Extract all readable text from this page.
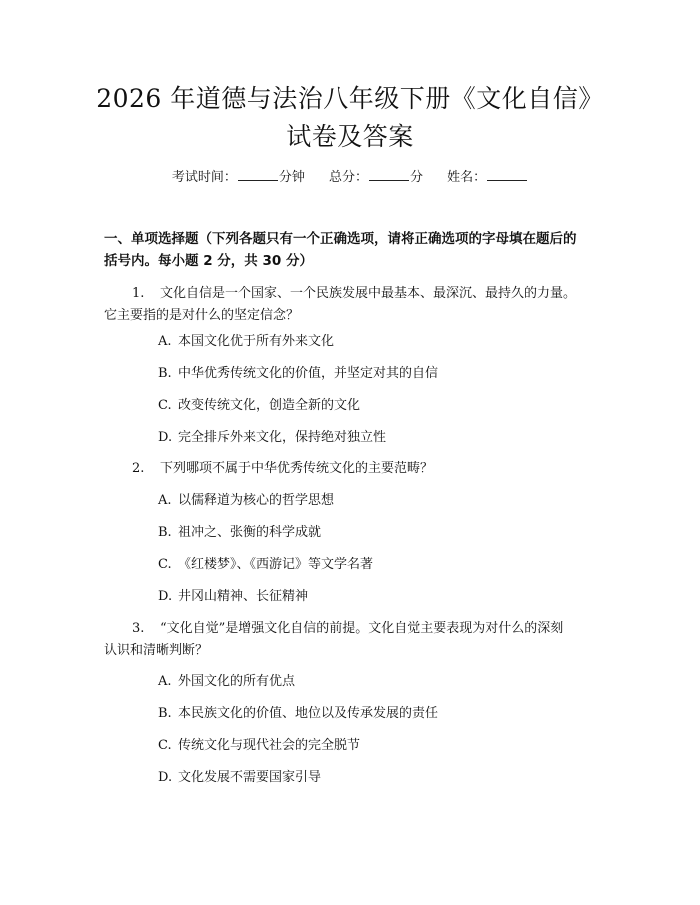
2026 年道德与法治八年级下册《文化自信》
试卷及答案
考试时间：	分钟 总分：	分 姓名：
一、单项选择题（下列各题只有一个正确选项，请将正确选项的字母填在题后的
括号内。每小题 2 分，共 30 分）
1. 文化自信是一个国家、一个民族发展中最基本、最深沉、最持久的力量。
它主要指的是对什么的坚定信念？
A. 本国文化优于所有外来文化
B. 中华优秀传统文化的价值，并坚定对其的自信
C. 改变传统文化，创造全新的文化
D. 完全排斥外来文化，保持绝对独立性
2. 下列哪项不属于中华优秀传统文化的主要范畴？
A. 以儒释道为核心的哲学思想
B. 祖冲之、张衡的科学成就
C. 《红楼梦》、《西游记》等文学名著
D. 井冈山精神、长征精神
3. “文化自觉”是增强文化自信的前提。文化自觉主要表现为对什么的深刻
认识和清晰判断？
A. 外国文化的所有优点
B. 本民族文化的价值、地位以及传承发展的责任
C. 传统文化与现代社会的完全脱节
D. 文化发展不需要国家引导
